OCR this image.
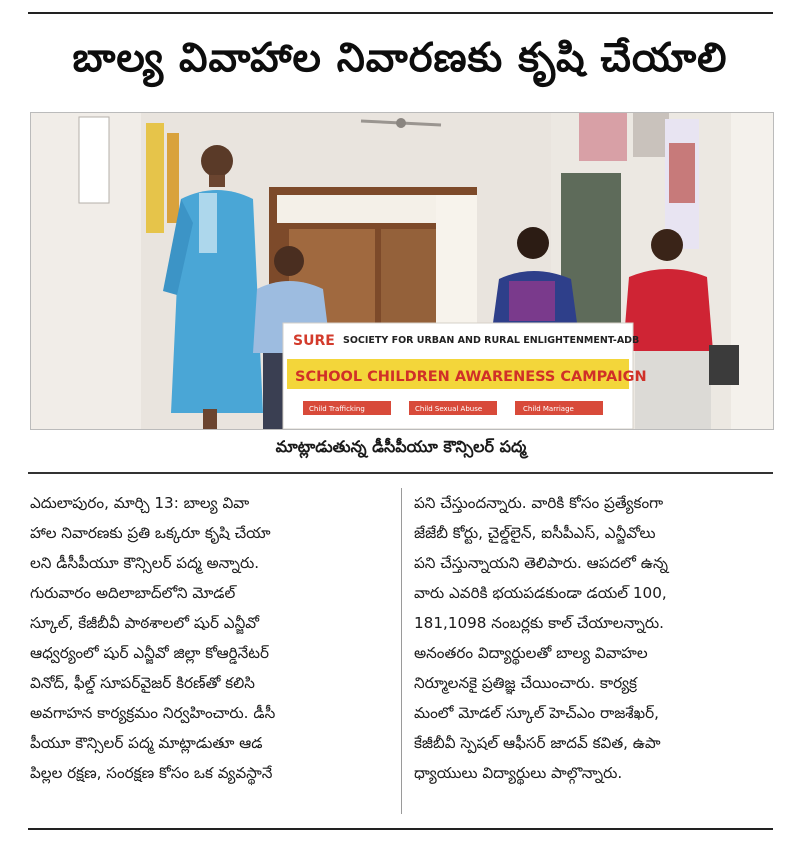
బాల్య వివాహాల నివారణకు కృషి చేయాలి
SURE SOCIETY FOR URBAN AND RURAL ENLIGHTENMENT-ADB
SCHOOL CHILDREN AWARENESS CAMPAIGN
Child Trafficking	Child Sexual Abuse	Child Marriage
మాట్లాడుతున్న డీసీపీయూ కౌన్సిలర్ పద్మ

ఎదులాపురం, మార్చి 13: బాల్య వివా

హాల నివారణకు ప్రతి ఒక్కరూ కృషి చేయా

లని డీసీపీయూ కౌన్సిలర్ పద్మ అన్నారు.

గురువారం అదిలాబాద్‌లోని మోడల్

స్కూల్, కేజీబీవీ పాఠశాలలో షుర్ ఎన్జీవో

ఆధ్వర్యంలో షుర్ ఎన్జీవో జిల్లా కోఆర్డినేటర్

వినోద్, ఫీల్డ్ సూపర్‌వైజర్ కిరణ్‌తో కలిసి

అవగాహన కార్యక్రమం నిర్వహించారు. డీసీ

పీయూ కౌన్సిలర్ పద్మ మాట్లాడుతూ ఆడ

పిల్లల రక్షణ, సంరక్షణ కోసం ఒక వ్యవస్థానే

పని చేస్తుందన్నారు. వారికి కోసం ప్రత్యేకంగా

జేజేబీ కోర్టు, చైల్డ్‌లైన్, ఐసీపీఎస్, ఎన్జీవోలు

పని చేస్తున్నాయని తెలిపారు. ఆపదలో ఉన్న

వారు ఎవరికి భయపడకుండా డయల్ 100,

181,1098 నంబర్లకు కాల్ చేయాలన్నారు.

అనంతరం విద్యార్థులతో బాల్య వివాహల

నిర్మూలనకై ప్రతిజ్ఞ చేయించారు. కార్యక్ర

మంలో మోడల్ స్కూల్ హెచ్ఎం రాజశేఖర్,

కేజీబీవీ స్పెషల్ ఆఫీసర్ జాదవ్ కవిత, ఉపా

ధ్యాయులు విద్యార్థులు పాల్గొన్నారు.
